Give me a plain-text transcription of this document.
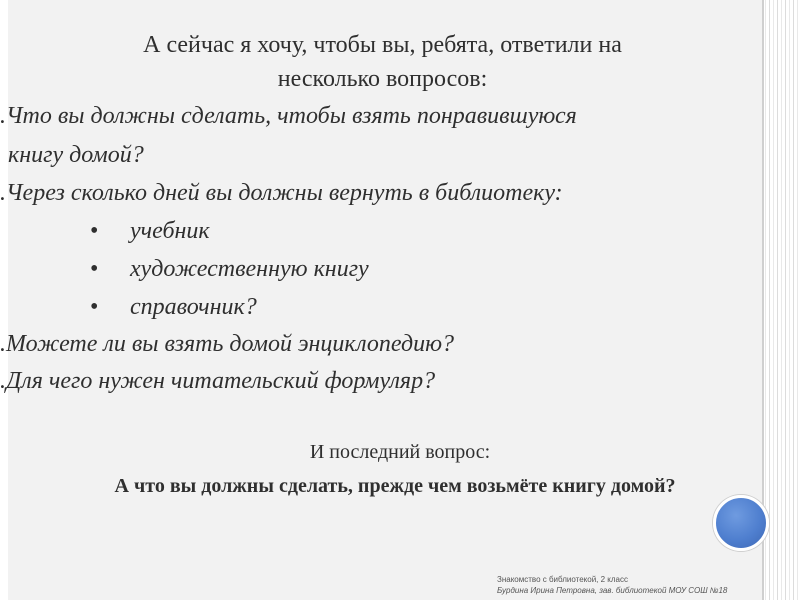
А сейчас я хочу, чтобы вы, ребята, ответили на
несколько вопросов:
.Что вы должны сделать, чтобы взять понравившуюся
книгу домой?
.Через сколько дней вы должны вернуть в библиотеку:
• учебник
• художественную книгу
• справочник?
.Можете ли вы взять домой энциклопедию?
.Для чего нужен читательский формуляр?
И последний вопрос:
А что вы должны сделать, прежде чем возьмёте книгу домой?
Знакомство с библиотекой, 2 класс
Бурдина Ирина Петровна, зав. библиотекой МОУ СОШ №18
